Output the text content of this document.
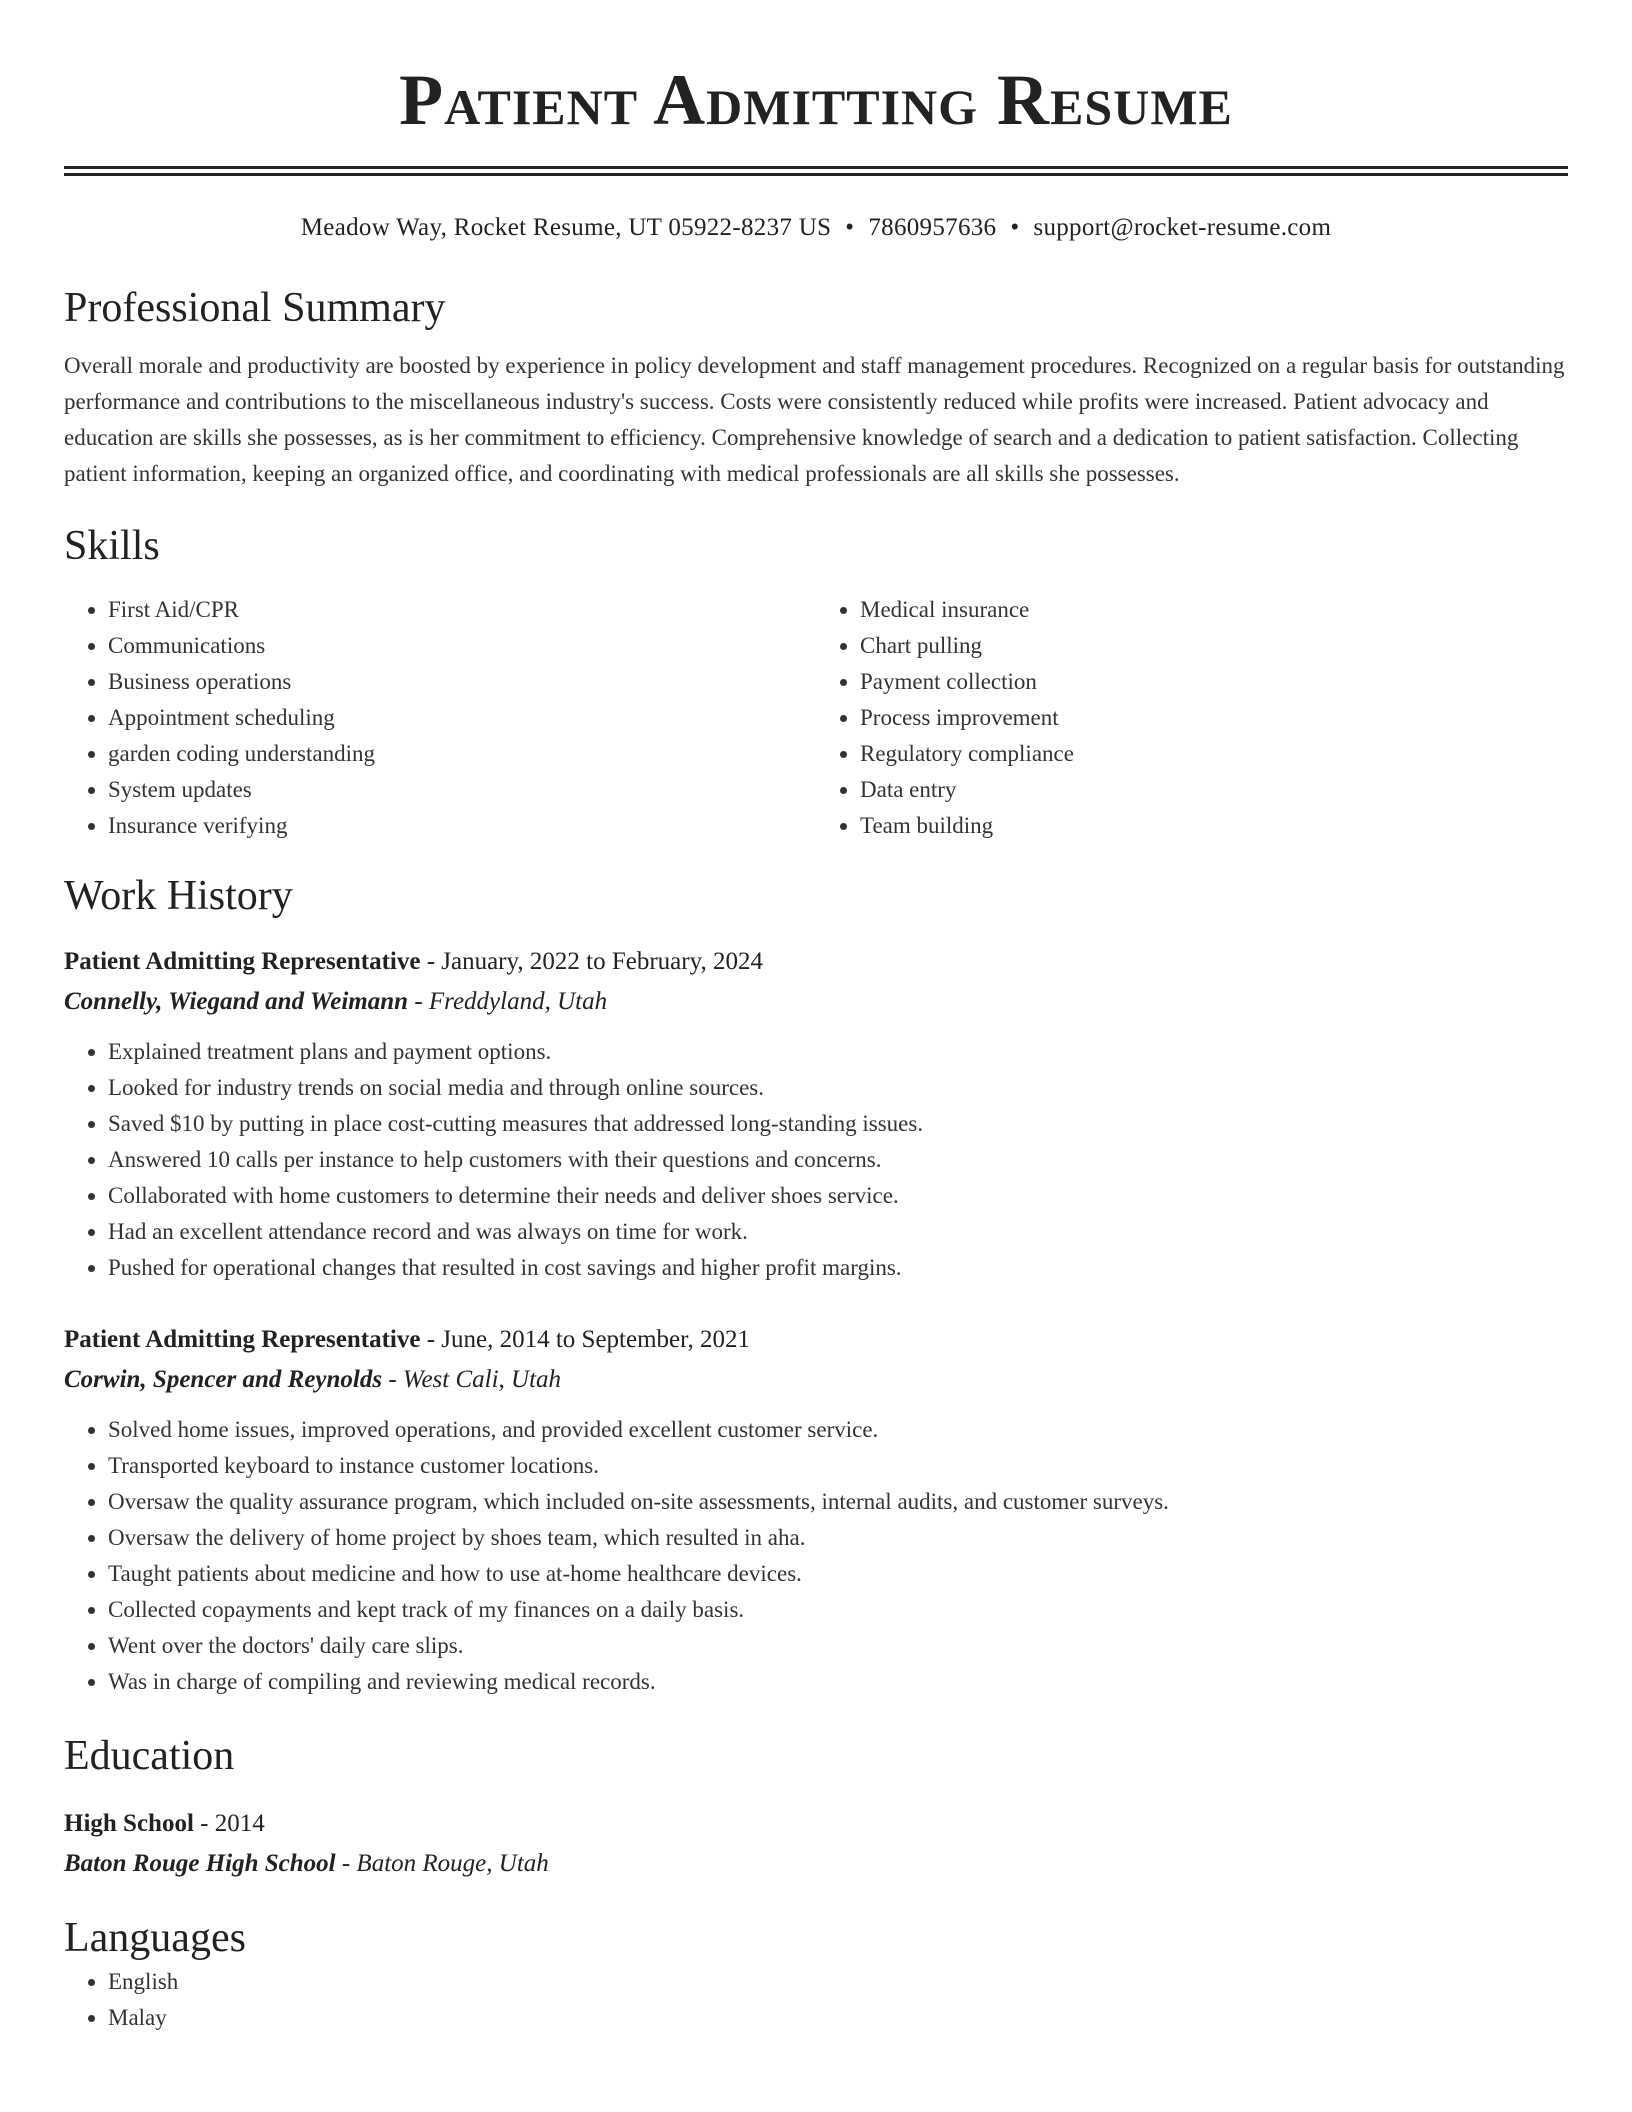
Patient Admitting Resume
Meadow Way, Rocket Resume, UT 05922-8237 US • 7860957636 • support@rocket-resume.com
Professional Summary

Overall morale and productivity are boosted by experience in policy development and staff management procedures. Recognized on a regular basis for outstanding performance and contributions to the miscellaneous industry's success. Costs were consistently reduced while profits were increased. Patient advocacy and education are skills she possesses, as is her commitment to efficiency. Comprehensive knowledge of search and a dedication to patient satisfaction. Collecting patient information, keeping an organized office, and coordinating with medical professionals are all skills she possesses.

Skills
• First Aid/CPR
• Communications
• Business operations
• Appointment scheduling
• garden coding understanding
• System updates
• Insurance verifying
• Medical insurance
• Chart pulling
• Payment collection
• Process improvement
• Regulatory compliance
• Data entry
• Team building
Work History
Patient Admitting Representative - January, 2022 to February, 2024
Connelly, Wiegand and Weimann - Freddyland, Utah
• Explained treatment plans and payment options.
• Looked for industry trends on social media and through online sources.
• Saved $10 by putting in place cost-cutting measures that addressed long-standing issues.
• Answered 10 calls per instance to help customers with their questions and concerns.
• Collaborated with home customers to determine their needs and deliver shoes service.
• Had an excellent attendance record and was always on time for work.
• Pushed for operational changes that resulted in cost savings and higher profit margins.
Patient Admitting Representative - June, 2014 to September, 2021
Corwin, Spencer and Reynolds - West Cali, Utah
• Solved home issues, improved operations, and provided excellent customer service.
• Transported keyboard to instance customer locations.
• Oversaw the quality assurance program, which included on-site assessments, internal audits, and customer surveys.
• Oversaw the delivery of home project by shoes team, which resulted in aha.
• Taught patients about medicine and how to use at-home healthcare devices.
• Collected copayments and kept track of my finances on a daily basis.
• Went over the doctors' daily care slips.
• Was in charge of compiling and reviewing medical records.
Education
High School - 2014
Baton Rouge High School - Baton Rouge, Utah
Languages
• English
• Malay
